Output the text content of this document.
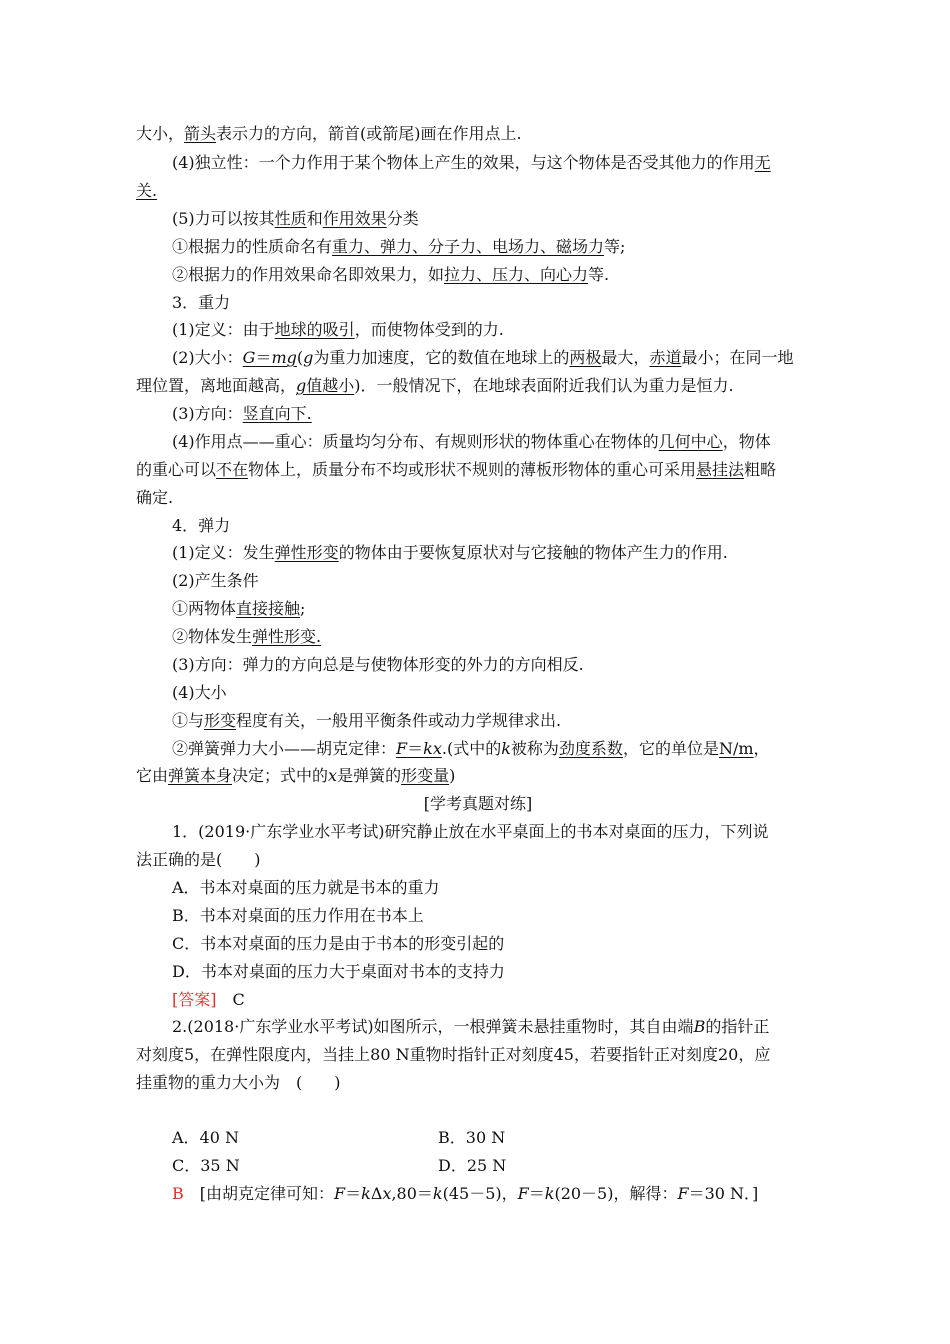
大小，箭头表示力的方向，箭首(或箭尾)画在作用点上.
(4)独立性：一个力作用于某个物体上产生的效果，与这个物体是否受其他力的作用无
关.
(5)力可以按其性质和作用效果分类
①根据力的性质命名有重力、弹力、分子力、电场力、磁场力等;
②根据力的作用效果命名即效果力，如拉力、压力、向心力等.
3．重力
(1)定义：由于地球的吸引，而使物体受到的力.
(2)大小：G＝mg(g为重力加速度，它的数值在地球上的两极最大，赤道最小；在同一地
理位置，离地面越高，g值越小)．一般情况下，在地球表面附近我们认为重力是恒力.
(3)方向：竖直向下.
(4)作用点——重心：质量均匀分布、有规则形状的物体重心在物体的几何中心，物体
的重心可以不在物体上，质量分布不均或形状不规则的薄板形物体的重心可采用悬挂法粗略
确定.
4．弹力
(1)定义：发生弹性形变的物体由于要恢复原状对与它接触的物体产生力的作用.
(2)产生条件
①两物体直接接触;
②物体发生弹性形变.
(3)方向：弹力的方向总是与使物体形变的外力的方向相反.
(4)大小
①与形变程度有关，一般用平衡条件或动力学规律求出.
②弹簧弹力大小——胡克定律：F＝kx.(式中的k被称为劲度系数，它的单位是N/m，
它由弹簧本身决定；式中的x是弹簧的形变量)
[学考真题对练]
1．(2019·广东学业水平考试)研究静止放在水平桌面上的书本对桌面的压力，下列说
法正确的是(　　)
A．书本对桌面的压力就是书本的重力
B．书本对桌面的压力作用在书本上
C．书本对桌面的压力是由于书本的形变引起的
D．书本对桌面的压力大于桌面对书本的支持力
[答案]　C
2.(2018·广东学业水平考试)如图所示，一根弹簧未悬挂重物时，其自由端B的指针正
对刻度5，在弹性限度内，当挂上80 N重物时指针正对刻度45，若要指针正对刻度20，应
挂重物的重力大小为　(　　)
A．40 N	B．30 N
C．35 N	D．25 N
B　[由胡克定律可知：F＝kΔx,80＝k(45－5)，F＝k(20－5)，解得：F＝30 N．]
